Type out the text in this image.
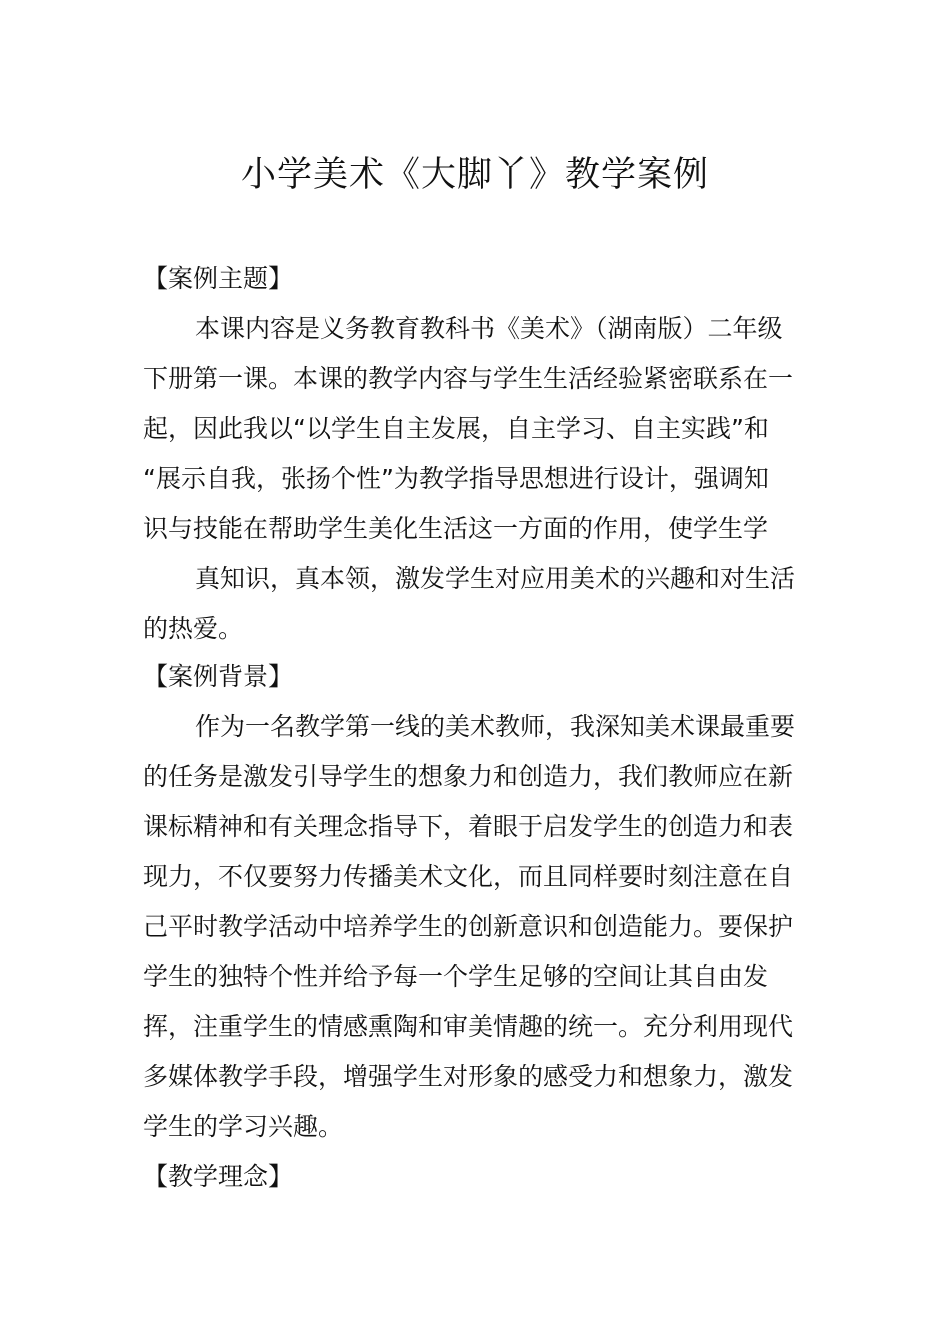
小学美术《大脚丫》教学案例
【案例主题】
本课内容是义务教育教科书《美术》（湖南版）二年级
下册第一课。本课的教学内容与学生生活经验紧密联系在一
起，因此我以“以学生自主发展，自主学习、自主实践”和
“展示自我，张扬个性”为教学指导思想进行设计，强调知
识与技能在帮助学生美化生活这一方面的作用，使学生学
真知识，真本领，激发学生对应用美术的兴趣和对生活
的热爱。
【案例背景】
作为一名教学第一线的美术教师，我深知美术课最重要
的任务是激发引导学生的想象力和创造力，我们教师应在新
课标精神和有关理念指导下，着眼于启发学生的创造力和表
现力，不仅要努力传播美术文化，而且同样要时刻注意在自
己平时教学活动中培养学生的创新意识和创造能力。要保护
学生的独特个性并给予每一个学生足够的空间让其自由发
挥，注重学生的情感熏陶和审美情趣的统一。充分利用现代
多媒体教学手段，增强学生对形象的感受力和想象力，激发
学生的学习兴趣。
【教学理念】
